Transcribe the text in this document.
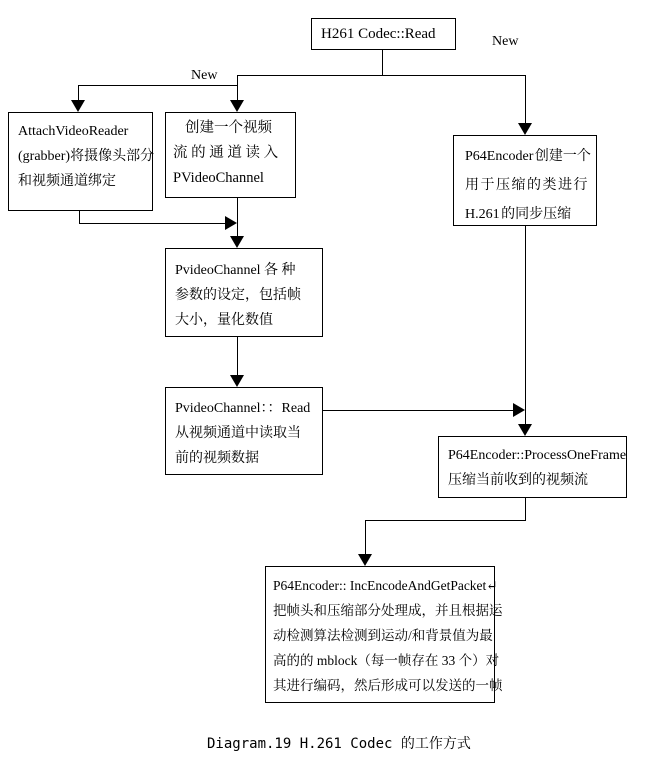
H261 Codec::Read	New
New
AttachVideoReader
(grabber)将摄像头部分
和视频通道绑定
创建一个视频
流 的 通 道 读 入
PVideoChannel
P64Encoder 创建一个
用 于 压 缩 的 类 进 行
H.261 的同步压缩
PvideoChannel 各 种
参数的设定，包括帧
大小，量化数值
PvideoChannel：：Read
从视频通道中读取当
前的视频数据	P64Encoder::ProcessOneFrame
压缩当前收到的视频流
P64Encoder:: IncEncodeAndGetPacket↵
把帧头和压缩部分处理成，并且根据运
动检测算法检测到运动/和背景值为最
高的的 mblock（每一帧存在 33 个）对
其进行编码，然后形成可以发送的一帧
Diagram.19 H.261 Codec 的工作方式
